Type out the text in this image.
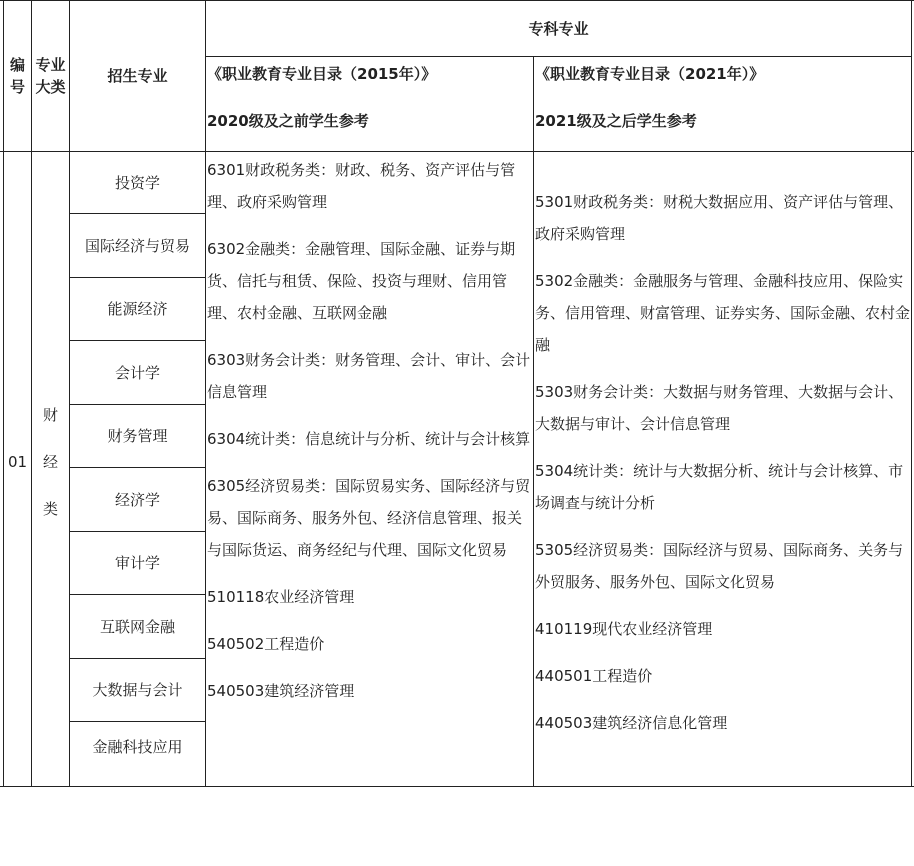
编
号
专业
大类
招生专业
专科专业
《职业教育专业目录（2015年）》
2020级及之前学生参考
《职业教育专业目录（2021年）》
2021级及之后学生参考
01
财
经
类
投资学
国际经济与贸易
能源经济
会计学
财务管理
经济学
审计学
互联网金融
大数据与会计
金融科技应用

6301财政税务类：财政、税务、资产评估与管理、政府采购管理

6302金融类：金融管理、国际金融、证券与期货、信托与租赁、保险、投资与理财、信用管理、农村金融、互联网金融

6303财务会计类：财务管理、会计、审计、会计信息管理

6304统计类：信息统计与分析、统计与会计核算

6305经济贸易类：国际贸易实务、国际经济与贸易、国际商务、服务外包、经济信息管理、报关与国际货运、商务经纪与代理、国际文化贸易

510118农业经济管理

540502工程造价

540503建筑经济管理

5301财政税务类：财税大数据应用、资产评估与管理、政府采购管理

5302金融类：金融服务与管理、金融科技应用、保险实务、信用管理、财富管理、证券实务、国际金融、农村金融

5303财务会计类：大数据与财务管理、大数据与会计、大数据与审计、会计信息管理

5304统计类：统计与大数据分析、统计与会计核算、市场调查与统计分析

5305经济贸易类：国际经济与贸易、国际商务、关务与外贸服务、服务外包、国际文化贸易

410119现代农业经济管理

440501工程造价

440503建筑经济信息化管理
